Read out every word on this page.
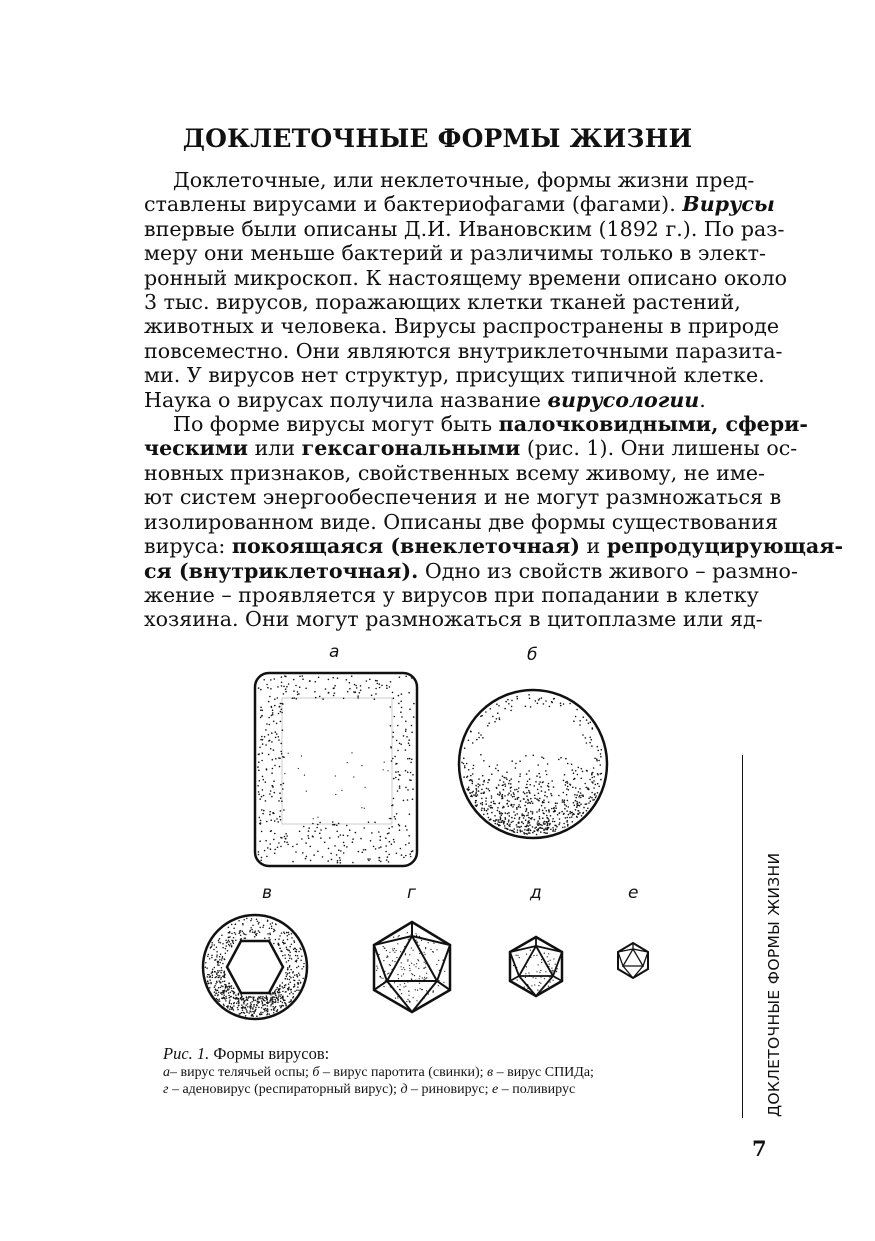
ДОКЛЕТОЧНЫЕ ФОРМЫ ЖИЗНИ
Доклеточные, или неклеточные, формы жизни пред-
ставлены вирусами и бактериофагами (фагами). Вирусы
впервые были описаны Д.И. Ивановским (1892 г.). По раз-
меру они меньше бактерий и различимы только в элект-
ронный микроскоп. К настоящему времени описано около
3 тыс. вирусов, поражающих клетки тканей растений,
животных и человека. Вирусы распространены в природе
повсеместно. Они являются внутриклеточными паразита-
ми. У вирусов нет структур, присущих типичной клетке.
Наука о вирусах получила название вирусологии.
По форме вирусы могут быть палочковидными, сфери-
ческими или гексагональными (рис. 1). Они лишены ос-
новных признаков, свойственных всему живому, не име-
ют систем энергообеспечения и не могут размножаться в
изолированном виде. Описаны две формы существования
вируса: покоящаяся (внеклеточная) и репродуцирующая-
ся (внутриклеточная). Одно из свойств живого – размно-
жение – проявляется у вирусов при попадании в клетку
хозяина. Они могут размножаться в цитоплазме или яд-
а	б
в	г	д	е
Рис. 1. Формы вирусов:
а– вирус телячьей оспы; б – вирус паротита (свинки); в – вирус СПИДа;
г – аденовирус (респираторный вирус); д – риновирус; е – поливирус	ДОКЛЕТОЧНЫЕ ФОРМЫ ЖИЗНИ
7
